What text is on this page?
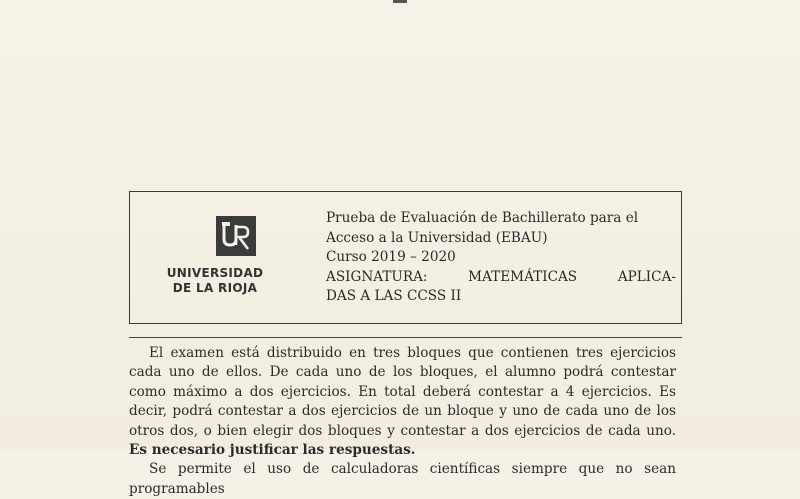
UNIVERSIDAD
DE LA RIOJA
Prueba de Evaluación de Bachillerato para el
Acceso a la Universidad (EBAU)
Curso 2019 – 2020
ASIGNATURA: MATEMÁTICAS APLICA-
DAS A LAS CCSS II

El examen está distribuido en tres bloques que contienen tres ejercicios cada uno de ellos. De cada uno de los bloques, el alumno podrá contestar como máximo a dos ejercicios. En total deberá contestar a 4 ejercicios. Es decir, podrá contestar a dos ejercicios de un bloque y uno de cada uno de los otros dos, o bien elegir dos bloques y contestar a dos ejercicios de cada uno. Es necesario justificar las respuestas.

Se permite el uso de calculadoras científicas siempre que no sean programables
